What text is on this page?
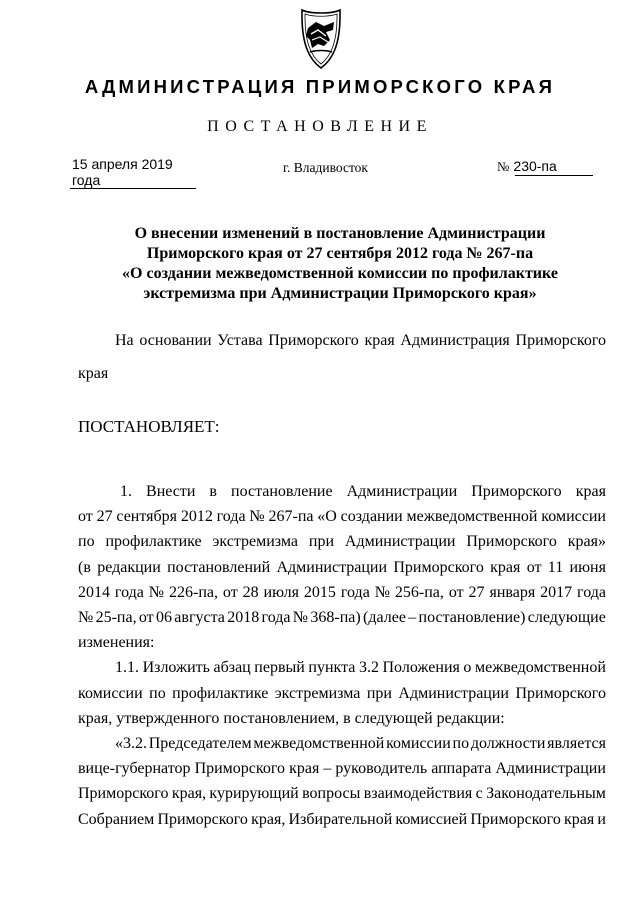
АДМИНИСТРАЦИЯ ПРИМОРСКОГО КРАЯ
ПОСТАНОВЛЕНИЕ
15 апреля 2019 года
г. Владивосток	№ 230-па
О внесении изменений в постановление Администрации
Приморского края от 27 сентября 2012 года № 267-па
«О создании межведомственной комиссии по профилактике
экстремизма при Администрации Приморского края»
На основании Устава Приморского края Администрация Приморского
края
ПОСТАНОВЛЯЕТ:
1. Внести в постановление Администрации Приморского края
от 27 сентября 2012 года № 267-па «О создании межведомственной комиссии
по профилактике экстремизма при Администрации Приморского края»
(в редакции постановлений Администрации Приморского края от 11 июня
2014 года № 226-па, от 28 июля 2015 года № 256-па, от 27 января 2017 года
№ 25-па, от 06 августа 2018 года № 368-па) (далее – постановление) следующие
изменения:
1.1. Изложить абзац первый пункта 3.2 Положения о межведомственной
комиссии по профилактике экстремизма при Администрации Приморского
края, утвержденного постановлением, в следующей редакции:
«3.2. Председателем межведомственной комиссии по должности является
вице-губернатор Приморского края – руководитель аппарата Администрации
Приморского края, курирующий вопросы взаимодействия с Законодательным
Собранием Приморского края, Избирательной комиссией Приморского края и
